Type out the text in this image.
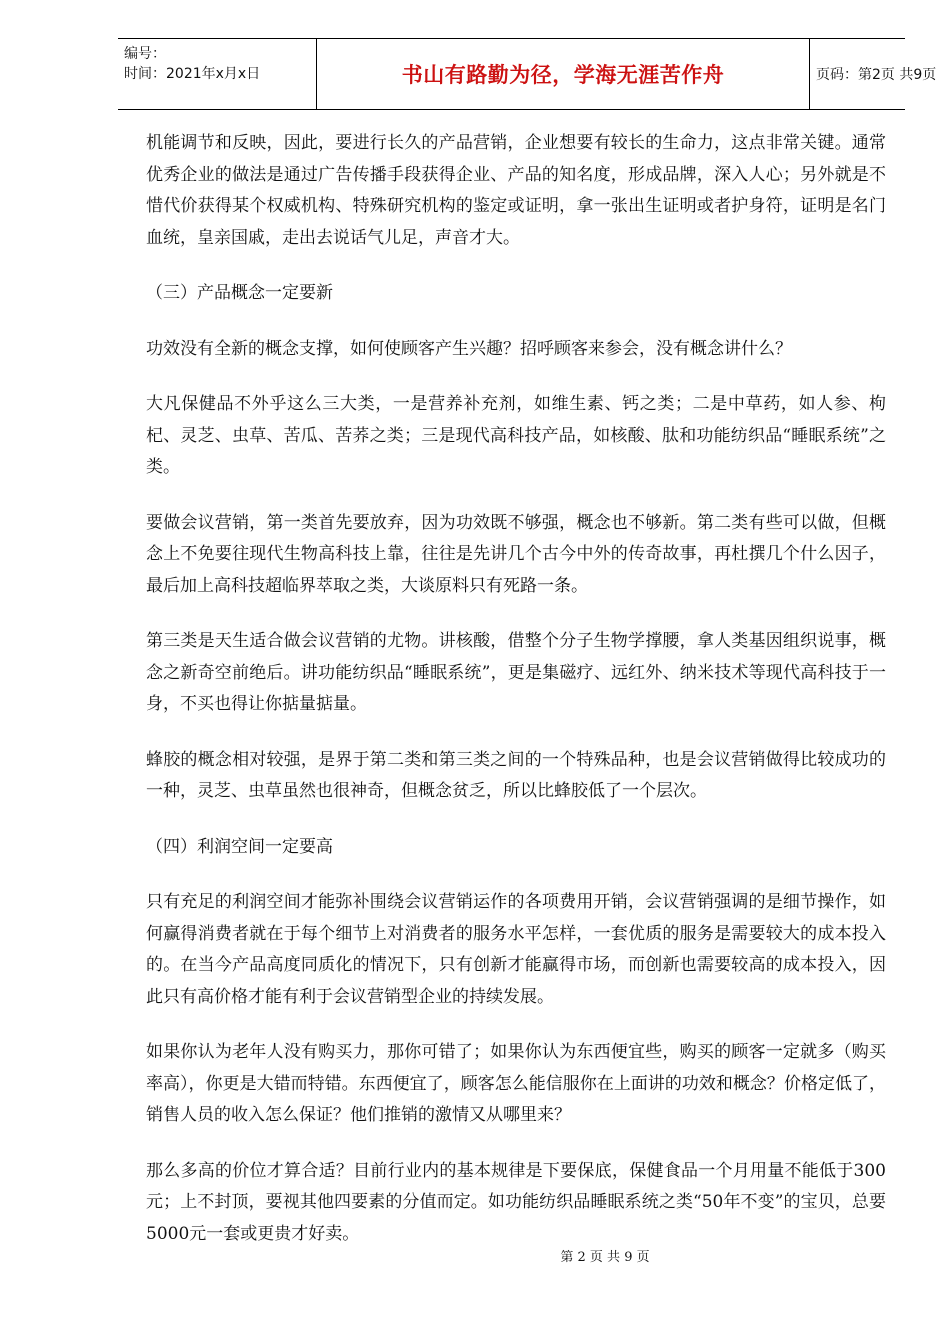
编号：
时间：2021年x月x日	书山有路勤为径，学海无涯苦作舟	页码：第2页 共9页

机能调节和反映，因此，要进行长久的产品营销，企业想要有较长的生命力，这点非常关键。通常优秀企业的做法是通过广告传播手段获得企业、产品的知名度，形成品牌，深入人心；另外就是不惜代价获得某个权威机构、特殊研究机构的鉴定或证明，拿一张出生证明或者护身符，证明是名门血统，皇亲国戚，走出去说话气儿足，声音才大。

（三）产品概念一定要新

功效没有全新的概念支撑，如何使顾客产生兴趣？招呼顾客来参会，没有概念讲什么？

大凡保健品不外乎这么三大类，一是营养补充剂，如维生素、钙之类；二是中草药，如人参、枸杞、灵芝、虫草、苦瓜、苦荞之类；三是现代高科技产品，如核酸、肽和功能纺织品“睡眠系统”之类。

要做会议营销，第一类首先要放弃，因为功效既不够强，概念也不够新。第二类有些可以做，但概念上不免要往现代生物高科技上靠，往往是先讲几个古今中外的传奇故事，再杜撰几个什么因子，最后加上高科技超临界萃取之类，大谈原料只有死路一条。

第三类是天生适合做会议营销的尤物。讲核酸，借整个分子生物学撑腰，拿人类基因组织说事，概念之新奇空前绝后。讲功能纺织品“睡眠系统”，更是集磁疗、远红外、纳米技术等现代高科技于一身，不买也得让你掂量掂量。

蜂胶的概念相对较强，是界于第二类和第三类之间的一个特殊品种，也是会议营销做得比较成功的一种，灵芝、虫草虽然也很神奇，但概念贫乏，所以比蜂胶低了一个层次。

（四）利润空间一定要高

只有充足的利润空间才能弥补围绕会议营销运作的各项费用开销，会议营销强调的是细节操作，如何赢得消费者就在于每个细节上对消费者的服务水平怎样，一套优质的服务是需要较大的成本投入的。在当今产品高度同质化的情况下，只有创新才能赢得市场，而创新也需要较高的成本投入，因此只有高价格才能有利于会议营销型企业的持续发展。

如果你认为老年人没有购买力，那你可错了；如果你认为东西便宜些，购买的顾客一定就多（购买率高），你更是大错而特错。东西便宜了，顾客怎么能信服你在上面讲的功效和概念？价格定低了，销售人员的收入怎么保证？他们推销的激情又从哪里来？

那么多高的价位才算合适？目前行业内的基本规律是下要保底，保健食品一个月用量不能低于300元；上不封顶，要视其他四要素的分值而定。如功能纺织品睡眠系统之类“50年不变”的宝贝，总要5000元一套或更贵才好卖。

第 2 页 共 9 页
